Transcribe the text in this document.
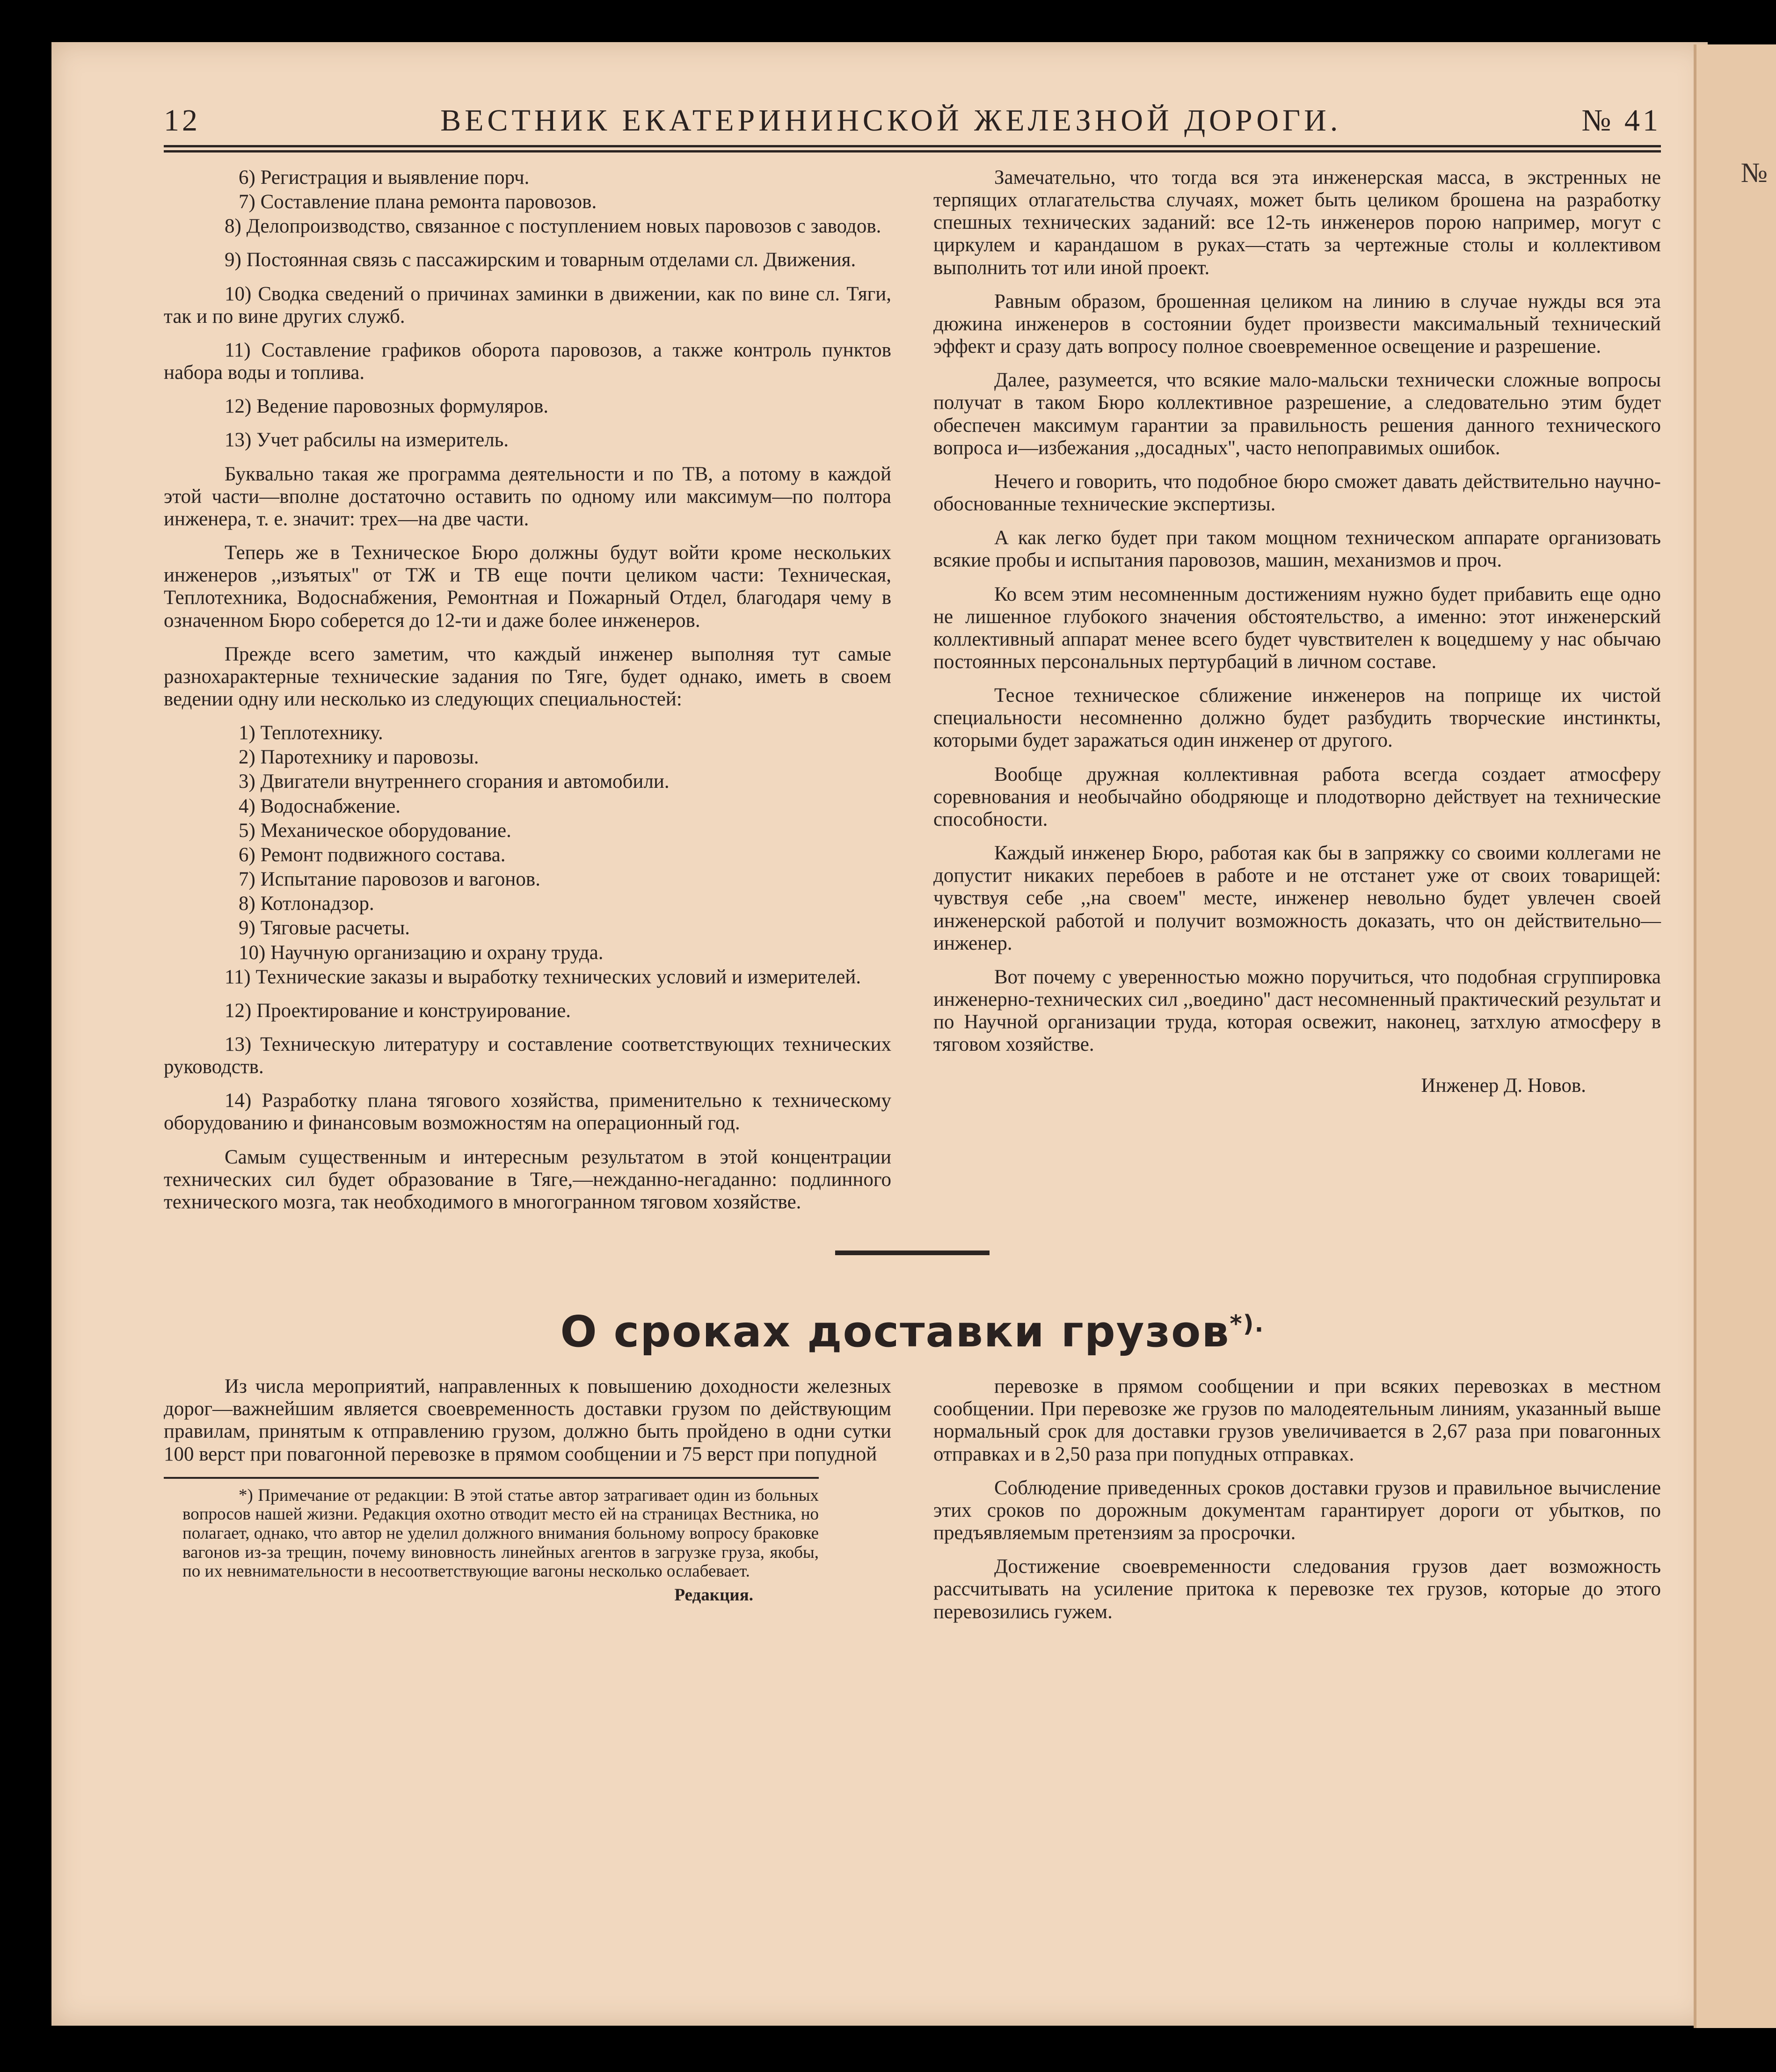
№
12	ВЕСТНИК ЕКАТЕРИНИНСКОЙ ЖЕЛЕЗНОЙ ДОРОГИ.	№ 41

6) Регистрация и выявление порч.

7) Составление плана ремонта паровозов.

8) Делопроизводство, связанное с поступлением новых паровозов с заводов.

9) Постоянная связь с пассажирским и товарным отделами сл. Движения.

10) Сводка сведений о причинах заминки в движении, как по вине сл. Тяги, так и по вине других служб.

11) Составление графиков оборота паровозов, а также контроль пунктов набора воды и топлива.

12) Ведение паровозных формуляров.

13) Учет рабсилы на измеритель.

Буквально такая же программа деятельности и по ТВ, а потому в каждой этой части—вполне достаточно оставить по одному или максимум—по полтора инженера, т. е. значит: трех—на две части.

Теперь же в Техническое Бюро должны будут войти кроме нескольких инженеров ,,изъятых'' от ТЖ и ТВ еще почти целиком части: Техническая, Теплотехника, Водоснабжения, Ремонтная и Пожарный Отдел, благодаря чему в означенном Бюро соберется до 12-ти и даже более инженеров.

Прежде всего заметим, что каждый инженер выполняя тут самые разнохарактерные технические задания по Тяге, будет однако, иметь в своем ведении одну или несколько из следующих специальностей:

1) Теплотехнику.

2) Паротехнику и паровозы.

3) Двигатели внутреннего сгорания и автомобили.

4) Водоснабжение.

5) Механическое оборудование.

6) Ремонт подвижного состава.

7) Испытание паровозов и вагонов.

8) Котлонадзор.

9) Тяговые расчеты.

10) Научную организацию и охрану труда.

11) Технические заказы и выработку технических условий и измерителей.

12) Проектирование и конструирование.

13) Техническую литературу и составление соответствующих технических руководств.

14) Разработку плана тягового хозяйства, применительно к техническому оборудованию и финансовым возможностям на операционный год.

Самым существенным и интересным результатом в этой концентрации технических сил будет образование в Тяге,—нежданно-негаданно: подлинного технического мозга, так необходимого в многогранном тяговом хозяйстве.

Замечательно, что тогда вся эта инженерская масса, в экстренных не терпящих отлагательства случаях, может быть целиком брошена на разработку спешных технических заданий: все 12-ть инженеров порою например, могут с циркулем и карандашом в руках—стать за чертежные столы и коллективом выполнить тот или иной проект.

Равным образом, брошенная целиком на линию в случае нужды вся эта дюжина инженеров в состоянии будет произвести максимальный технический эффект и сразу дать вопросу полное своевременное освещение и разрешение.

Далее, разумеется, что всякие мало-мальски технически сложные вопросы получат в таком Бюро коллективное разрешение, а следовательно этим будет обеспечен максимум гарантии за правильность решения данного технического вопроса и—избежания ,,досадных'', часто непоправимых ошибок.

Нечего и говорить, что подобное бюро сможет давать действительно научно-обоснованные технические экспертизы.

А как легко будет при таком мощном техническом аппарате организовать всякие пробы и испытания паровозов, машин, механизмов и проч.

Ко всем этим несомненным достижениям нужно будет прибавить еще одно не лишенное глубокого значения обстоятельство, а именно: этот инженерский коллективный аппарат менее всего будет чувствителен к воцедшему у нас обычаю постоянных персональных пертурбаций в личном составе.

Тесное техническое сближение инженеров на поприще их чистой специальности несомненно должно будет разбудить творческие инстинкты, которыми будет заражаться один инженер от другого.

Вообще дружная коллективная работа всегда создает атмосферу соревнования и необычайно ободряюще и плодотворно действует на технические способности.

Каждый инженер Бюро, работая как бы в запряжку со своими коллегами не допустит никаких перебоев в работе и не отстанет уже от своих товарищей: чувствуя себе ,,на своем'' месте, инженер невольно будет увлечен своей инженерской работой и получит возможность доказать, что он действительно—инженер.

Вот почему с уверенностью можно поручиться, что подобная сгруппировка инженерно-технических сил ,,воедино'' даст несомненный практический результат и по Научной организации труда, которая освежит, наконец, затхлую атмосферу в тяговом хозяйстве.

Инженер Д. Новов.

О сроках доставки грузов*).

Из числа мероприятий, направленных к повышению доходности железных дорог—важнейшим является своевременность доставки грузом по действующим правилам, принятым к отправлению грузом, должно быть пройдено в одни сутки 100 верст при повагонной перевозке в прямом сообщении и 75 верст при попудной

*) Примечание от редакции: В этой статье автор затрагивает один из больных вопросов нашей жизни. Редакция охотно отводит место ей на страницах Вестника, но полагает, однако, что автор не уделил должного внимания больному вопросу браковке вагонов из-за трещин, почему виновность линейных агентов в загрузке груза, якобы, по их невнимательности в несоответствующие вагоны несколько ослабевает.

Редакция.

перевозке в прямом сообщении и при всяких перевозках в местном сообщении. При перевозке же грузов по малодеятельным линиям, указанный выше нормальный срок для доставки грузов увеличивается в 2,67 раза при повагонных отправках и в 2,50 раза при попудных отправках.

Соблюдение приведенных сроков доставки грузов и правильное вычисление этих сроков по дорожным документам гарантирует дороги от убытков, по предъявляемым претензиям за просрочки.

Достижение своевременности следования грузов дает возможность рассчитывать на усиление притока к перевозке тех грузов, которые до этого перевозились гужем.
